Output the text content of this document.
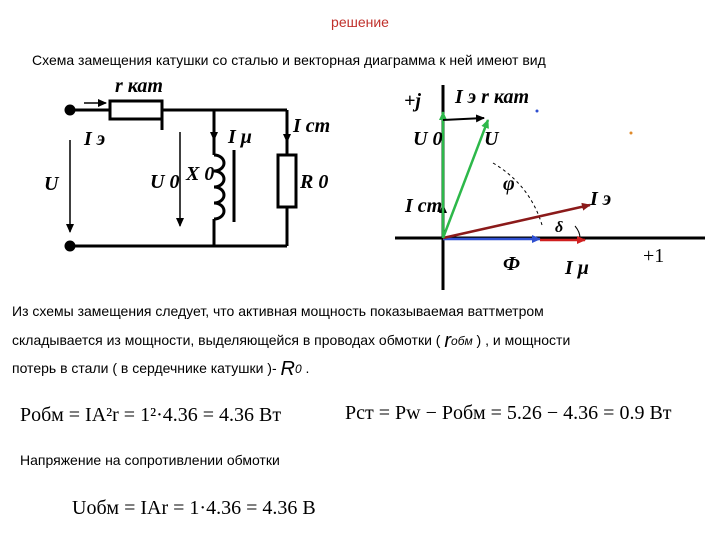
решение
Схема замещения катушки со сталью и векторная диаграмма к ней имеют вид
r кат
I э
U	U 0 X 0
I μ I ст
R 0
+j I э r кат
U 0 U
φ
I э
I ст
δ
Ф I μ
+1
Из схемы замещения следует, что активная мощность показываемая ваттметром
складывается из мощности, выделяющейся в проводах обмотки ( rобм ) , и мощности
потерь в стали ( в сердечнике катушки )- R0 .
Pобм = IA²r = 1²·4.36 = 4.36 Вт	Pст = Pw − Pобм = 5.26 − 4.36 = 0.9 Вт
Напряжение на сопротивлении обмотки
Uобм = IAr = 1·4.36 = 4.36 В
